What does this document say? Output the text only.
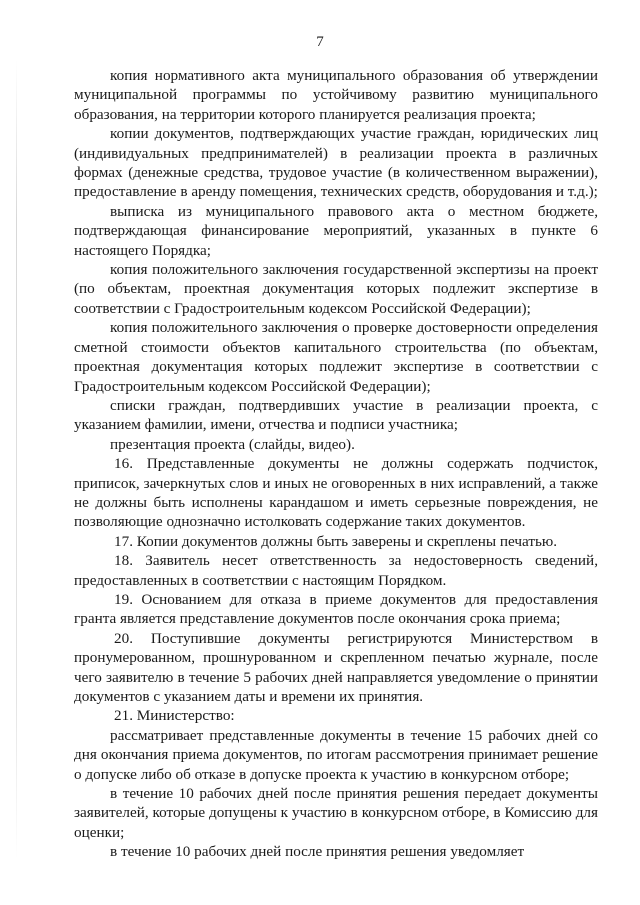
7

копия нормативного акта муниципального образования об утверждении муниципальной программы по устойчивому развитию муниципального образования, на территории которого планируется реализация проекта;

копии документов, подтверждающих участие граждан, юридических лиц (индивидуальных предпринимателей) в реализации проекта в различных формах (денежные средства, трудовое участие (в количественном выражении), предоставление в аренду помещения, технических средств, оборудования и т.д.);

выписка из муниципального правового акта о местном бюджете, подтверждающая финансирование мероприятий, указанных в пункте 6 настоящего Порядка;

копия положительного заключения государственной экспертизы на проект (по объектам, проектная документация которых подлежит экспертизе в соответствии с Градостроительным кодексом Российской Федерации);

копия положительного заключения о проверке достоверности определения сметной стоимости объектов капитального строительства (по объектам, проектная документация которых подлежит экспертизе в соответствии с Градостроительным кодексом Российской Федерации);

списки граждан, подтвердивших участие в реализации проекта, с указанием фамилии, имени, отчества и подписи участника;

презентация проекта (слайды, видео).

16. Представленные документы не должны содержать подчисток, приписок, зачеркнутых слов и иных не оговоренных в них исправлений, а также не должны быть исполнены карандашом и иметь серьезные повреждения, не позволяющие однозначно истолковать содержание таких документов.

17. Копии документов должны быть заверены и скреплены печатью.

18. Заявитель несет ответственность за недостоверность сведений, предоставленных в соответствии с настоящим Порядком.

19. Основанием для отказа в приеме документов для предоставления гранта является представление документов после окончания срока приема;

20. Поступившие документы регистрируются Министерством в пронумерованном, прошнурованном и скрепленном печатью журнале, после чего заявителю в течение 5 рабочих дней направляется уведомление о принятии документов с указанием даты и времени их принятия.

21. Министерство:

рассматривает представленные документы в течение 15 рабочих дней со дня окончания приема документов, по итогам рассмотрения принимает решение о допуске либо об отказе в допуске проекта к участию в конкурсном отборе;

в течение 10 рабочих дней после принятия решения передает документы заявителей, которые допущены к участию в конкурсном отборе, в Комиссию для оценки;

в течение 10 рабочих дней после принятия решения уведомляет
